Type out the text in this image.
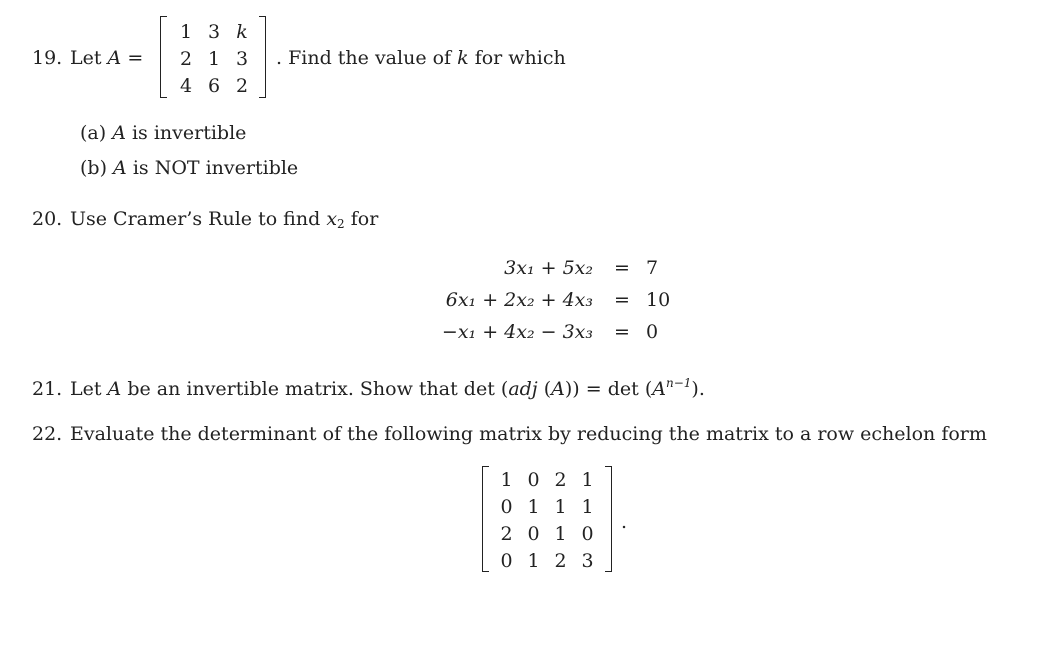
19. Let A =
1 3 k
2 1 3
4 6 2
. Find the value of k for which
(a) A is invertible
(b) A is NOT invertible
20. Use Cramer’s Rule to find $x_2$ for
3x₁ + 5x₂ = 7
6x₁ + 2x₂ + 4x₃ = 10
−x₁ + 4x₂ − 3x₃ = 0
21. Let A be an invertible matrix. Show that det (adj $(A)) = \det (A^{n-1})$.
22. Evaluate the determinant of the following matrix by reducing the matrix to a row echelon form
1 0 2 1
0 1 1 1
2 0 1 0
0 1 2 3
.
